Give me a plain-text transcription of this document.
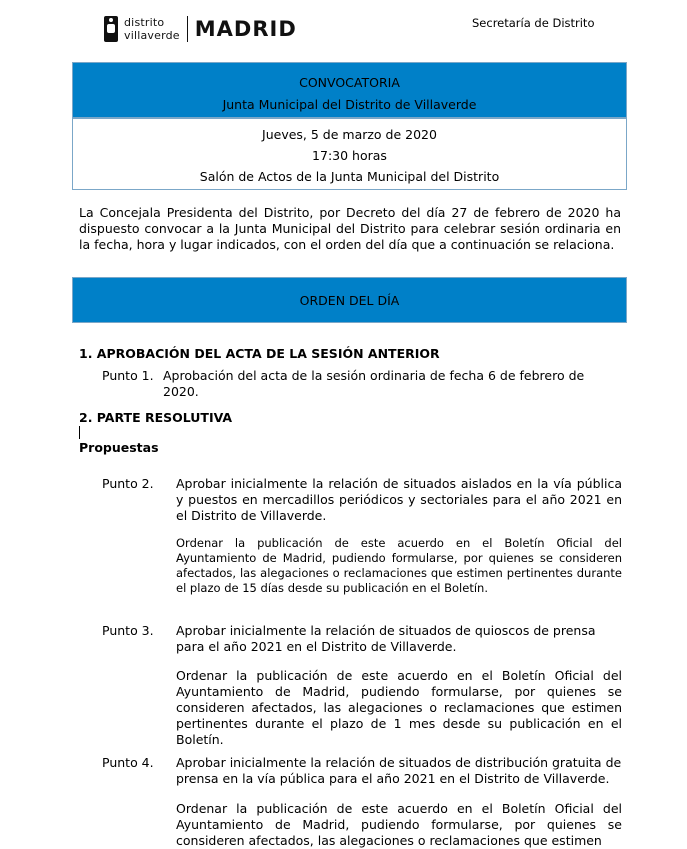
distrito
villaverde MADRID	Secretaría de Distrito
CONVOCATORIA
Junta Municipal del Distrito de Villaverde
Jueves, 5 de marzo de 2020
17:30 horas
Salón de Actos de la Junta Municipal del Distrito
La Concejala Presidenta del Distrito, por Decreto del día 27 de febrero de 2020 ha dispuesto convocar a la Junta Municipal del Distrito para celebrar sesión ordinaria en la fecha, hora y lugar indicados, con el orden del día que a continuación se relaciona.
ORDEN DEL DÍA
1. APROBACIÓN DEL ACTA DE LA SESIÓN ANTERIOR
Punto 1. Aprobación del acta de la sesión ordinaria de fecha 6 de febrero de 2020.
2. PARTE RESOLUTIVA
Propuestas
Punto 2. Aprobar inicialmente la relación de situados aislados en la vía pública y puestos en mercadillos periódicos y sectoriales para el año 2021 en el Distrito de Villaverde.
Ordenar la publicación de este acuerdo en el Boletín Oficial del Ayuntamiento de Madrid, pudiendo formularse, por quienes se consideren afectados, las alegaciones o reclamaciones que estimen pertinentes durante el plazo de 15 días desde su publicación en el Boletín.
Punto 3. Aprobar inicialmente la relación de situados de quioscos de prensa para el año 2021 en el Distrito de Villaverde.
Ordenar la publicación de este acuerdo en el Boletín Oficial del Ayuntamiento de Madrid, pudiendo formularse, por quienes se consideren afectados, las alegaciones o reclamaciones que estimen pertinentes durante el plazo de 1 mes desde su publicación en el Boletín.
Punto 4. Aprobar inicialmente la relación de situados de distribución gratuita de prensa en la vía pública para el año 2021 en el Distrito de Villaverde.
Ordenar la publicación de este acuerdo en el Boletín Oficial del Ayuntamiento de Madrid, pudiendo formularse, por quienes se consideren afectados, las alegaciones o reclamaciones que estimen
